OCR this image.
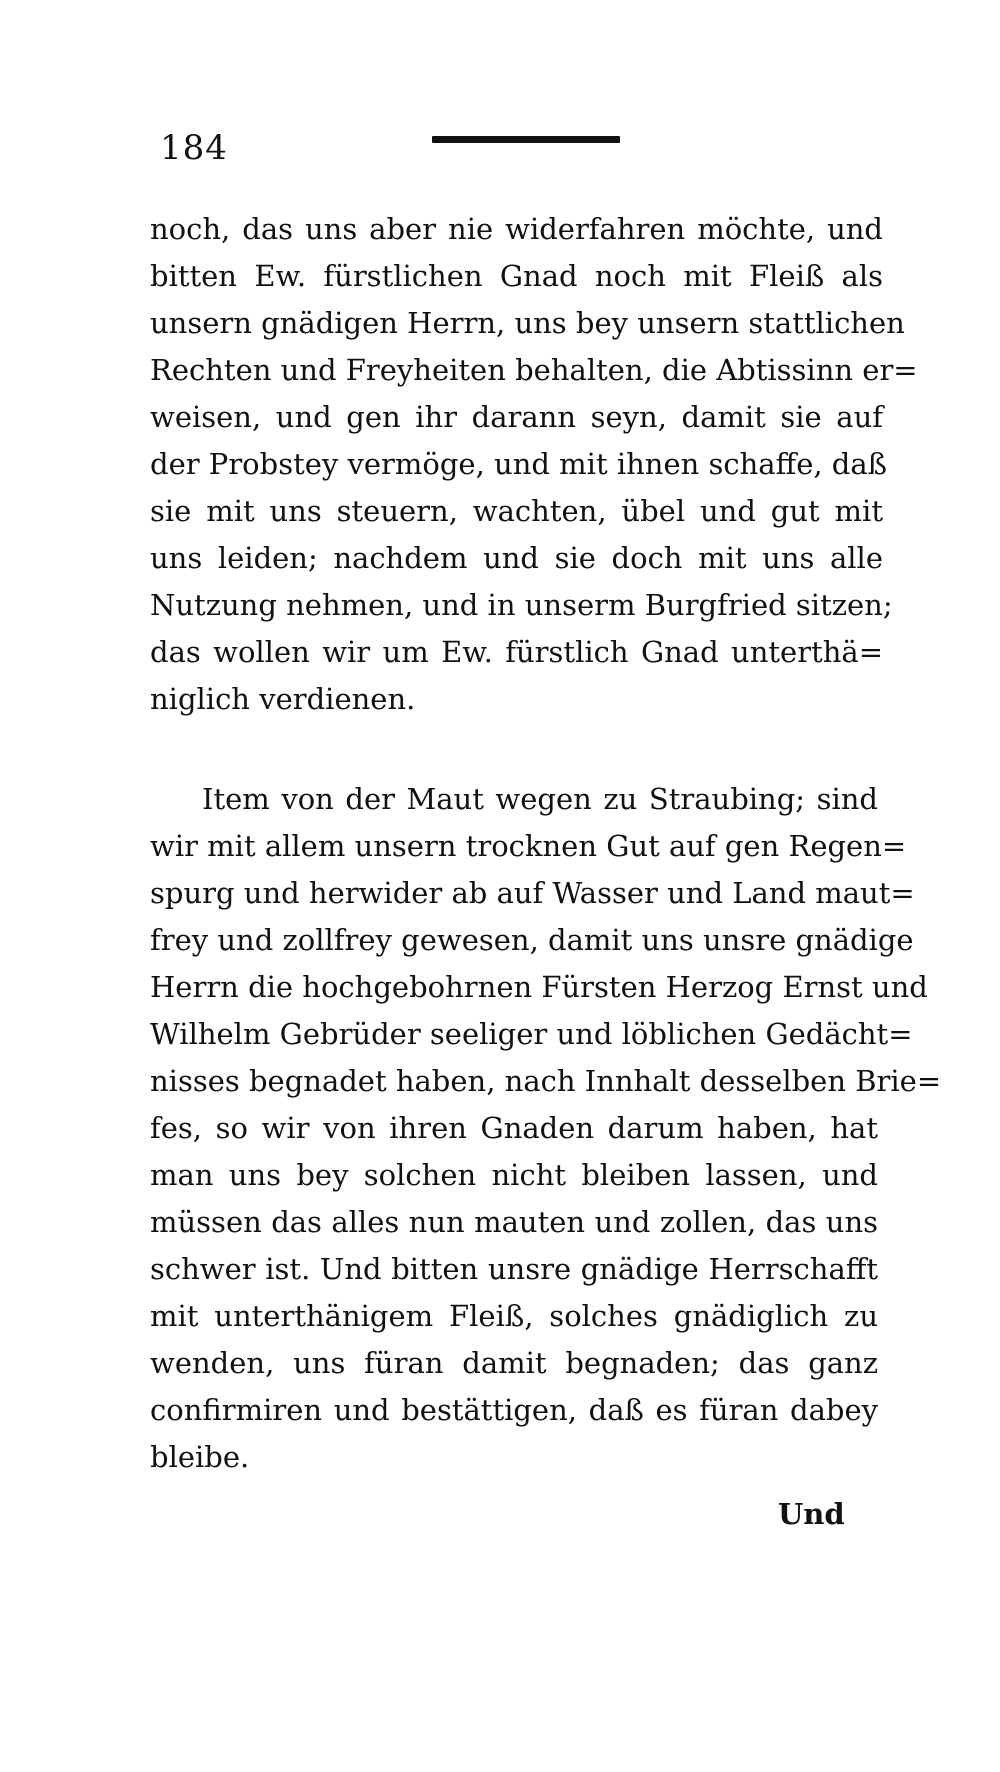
184
noch, das uns aber nie widerfahren möchte, und
bitten Ew. fürstlichen Gnad noch mit Fleiß als
unsern gnädigen Herrn, uns bey unsern stattlichen
Rechten und Freyheiten behalten, die Abtissinn er=
weisen, und gen ihr darann seyn, damit sie auf
der Probstey vermöge, und mit ihnen schaffe, daß
sie mit uns steuern, wachten, übel und gut mit
uns leiden; nachdem und sie doch mit uns alle
Nutzung nehmen, und in unserm Burgfried sitzen;
das wollen wir um Ew. fürstlich Gnad unterthä=
niglich verdienen.
Item von der Maut wegen zu Straubing; sind
wir mit allem unsern trocknen Gut auf gen Regen=
spurg und herwider ab auf Wasser und Land maut=
frey und zollfrey gewesen, damit uns unsre gnädige
Herrn die hochgebohrnen Fürsten Herzog Ernst und
Wilhelm Gebrüder seeliger und löblichen Gedächt=
nisses begnadet haben, nach Innhalt desselben Brie=
fes, so wir von ihren Gnaden darum haben, hat
man uns bey solchen nicht bleiben lassen, und
müssen das alles nun mauten und zollen, das uns
schwer ist. Und bitten unsre gnädige Herrschafft
mit unterthänigem Fleiß, solches gnädiglich zu
wenden, uns füran damit begnaden; das ganz
confirmiren und bestättigen, daß es füran dabey
bleibe.
Und
